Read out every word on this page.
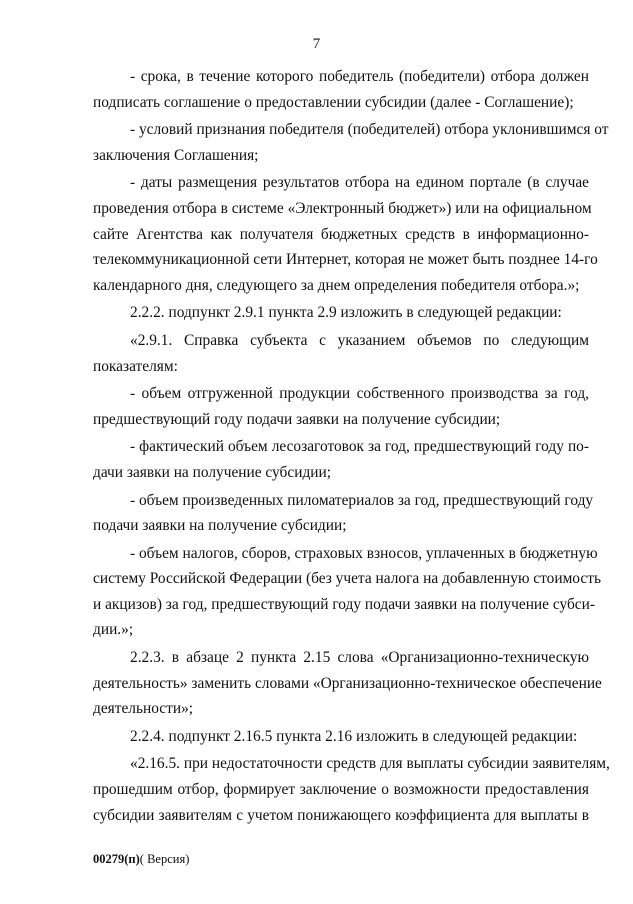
7
- срока, в течение которого победитель (победители) отбора должен
подписать соглашение о предоставлении субсидии (далее - Соглашение);
- условий признания победителя (победителей) отбора уклонившимся от
заключения Соглашения;
- даты размещения результатов отбора на едином портале (в случае
проведения отбора в системе «Электронный бюджет») или на официальном
сайте Агентства как получателя бюджетных средств в информационно-
телекоммуникационной сети Интернет, которая не может быть позднее 14-го
календарного дня, следующего за днем определения победителя отбора.»;
2.2.2. подпункт 2.9.1 пункта 2.9 изложить в следующей редакции:
«2.9.1. Справка субъекта с указанием объемов по следующим
показателям:
- объем отгруженной продукции собственного производства за год,
предшествующий году подачи заявки на получение субсидии;
- фактический объем лесозаготовок за год, предшествующий году по-
дачи заявки на получение субсидии;
- объем произведенных пиломатериалов за год, предшествующий году
подачи заявки на получение субсидии;
- объем налогов, сборов, страховых взносов, уплаченных в бюджетную
систему Российской Федерации (без учета налога на добавленную стоимость
и акцизов) за год, предшествующий году подачи заявки на получение субси-
дии.»;
2.2.3. в абзаце 2 пункта 2.15 слова «Организационно-техническую
деятельность» заменить словами «Организационно-техническое обеспечение
деятельности»;
2.2.4. подпункт 2.16.5 пункта 2.16 изложить в следующей редакции:
«2.16.5. при недостаточности средств для выплаты субсидии заявителям,
прошедшим отбор, формирует заключение о возможности предоставления
субсидии заявителям с учетом понижающего коэффициента для выплаты в
00279(п)( Версия)
